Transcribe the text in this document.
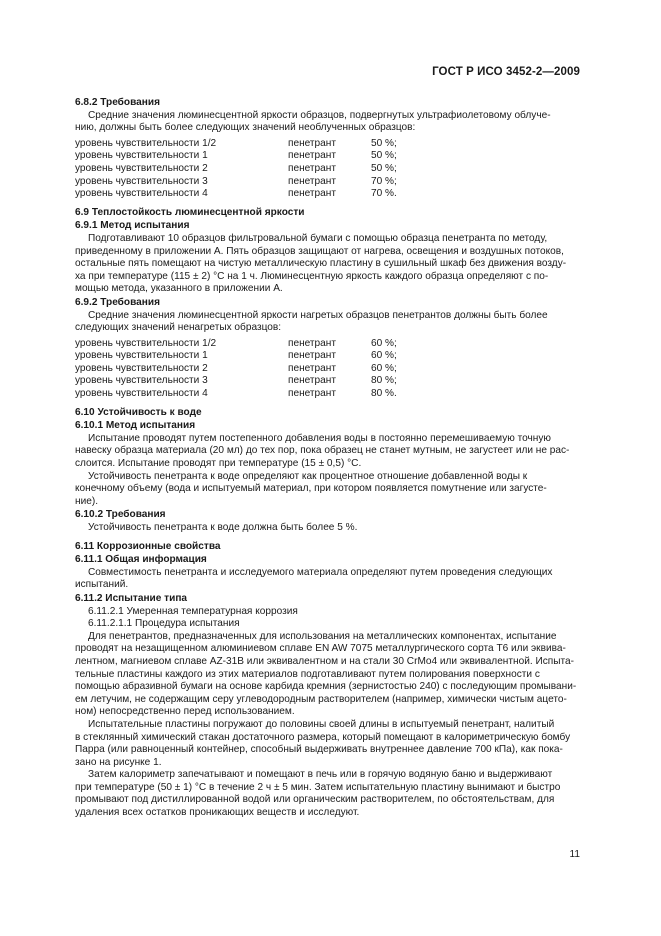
ГОСТ Р ИСО 3452-2—2009
6.8.2 Требования
Средние значения люминесцентной яркости образцов, подвергнутых ультрафиолетовому облуче-
нию, должны быть более следующих значений необлученных образцов:
уровень чувствительности 1/2	пенетрант	50 %;
уровень чувствительности 1	пенетрант	50 %;
уровень чувствительности 2	пенетрант	50 %;
уровень чувствительности 3	пенетрант	70 %;
уровень чувствительности 4	пенетрант	70 %.
6.9 Теплостойкость люминесцентной яркости
6.9.1 Метод испытания
Подготавливают 10 образцов фильтровальной бумаги с помощью образца пенетранта по методу,
приведенному в приложении А. Пять образцов защищают от нагрева, освещения и воздушных потоков,
остальные пять помещают на чистую металлическую пластину в сушильный шкаф без движения возду-
ха при температуре (115 ± 2) °С на 1 ч. Люминесцентную яркость каждого образца определяют с по-
мощью метода, указанного в приложении А.
6.9.2 Требования
Средние значения люминесцентной яркости нагретых образцов пенетрантов должны быть более
следующих значений ненагретых образцов:
уровень чувствительности 1/2	пенетрант	60 %;
уровень чувствительности 1	пенетрант	60 %;
уровень чувствительности 2	пенетрант	60 %;
уровень чувствительности 3	пенетрант	80 %;
уровень чувствительности 4	пенетрант	80 %.
6.10 Устойчивость к воде
6.10.1 Метод испытания
Испытание проводят путем постепенного добавления воды в постоянно перемешиваемую точную
навеску образца материала (20 мл) до тех пор, пока образец не станет мутным, не загустеет или не рас-
слоится. Испытание проводят при температуре (15 ± 0,5) °С.
Устойчивость пенетранта к воде определяют как процентное отношение добавленной воды к
конечному объему (вода и испытуемый материал, при котором появляется помутнение или загусте-
ние).
6.10.2 Требования
Устойчивость пенетранта к воде должна быть более 5 %.
6.11 Коррозионные свойства
6.11.1 Общая информация
Совместимость пенетранта и исследуемого материала определяют путем проведения следующих
испытаний.
6.11.2 Испытание типа
6.11.2.1 Умеренная температурная коррозия
6.11.2.1.1 Процедура испытания
Для пенетрантов, предназначенных для использования на металлических компонентах, испытание
проводят на незащищенном алюминиевом сплаве EN AW 7075 металлургического сорта Т6 или эквива-
лентном, магниевом сплаве AZ-31B или эквивалентном и на стали 30 CrMo4 или эквивалентной. Испыта-
тельные пластины каждого из этих материалов подготавливают путем полирования поверхности с
помощью абразивной бумаги на основе карбида кремния (зернистостью 240) с последующим промывани-
ем летучим, не содержащим серу углеводородным растворителем (например, химически чистым ацето-
ном) непосредственно перед использованием.
Испытательные пластины погружают до половины своей длины в испытуемый пенетрант, налитый
в стеклянный химический стакан достаточного размера, который помещают в калориметрическую бомбу
Парра (или равноценный контейнер, способный выдерживать внутреннее давление 700 кПа), как пока-
зано на рисунке 1.
Затем калориметр запечатывают и помещают в печь или в горячую водяную баню и выдерживают
при температуре (50 ± 1) °С в течение 2 ч ± 5 мин. Затем испытательную пластину вынимают и быстро
промывают под дистиллированной водой или органическим растворителем, по обстоятельствам, для
удаления всех остатков проникающих веществ и исследуют.
11
